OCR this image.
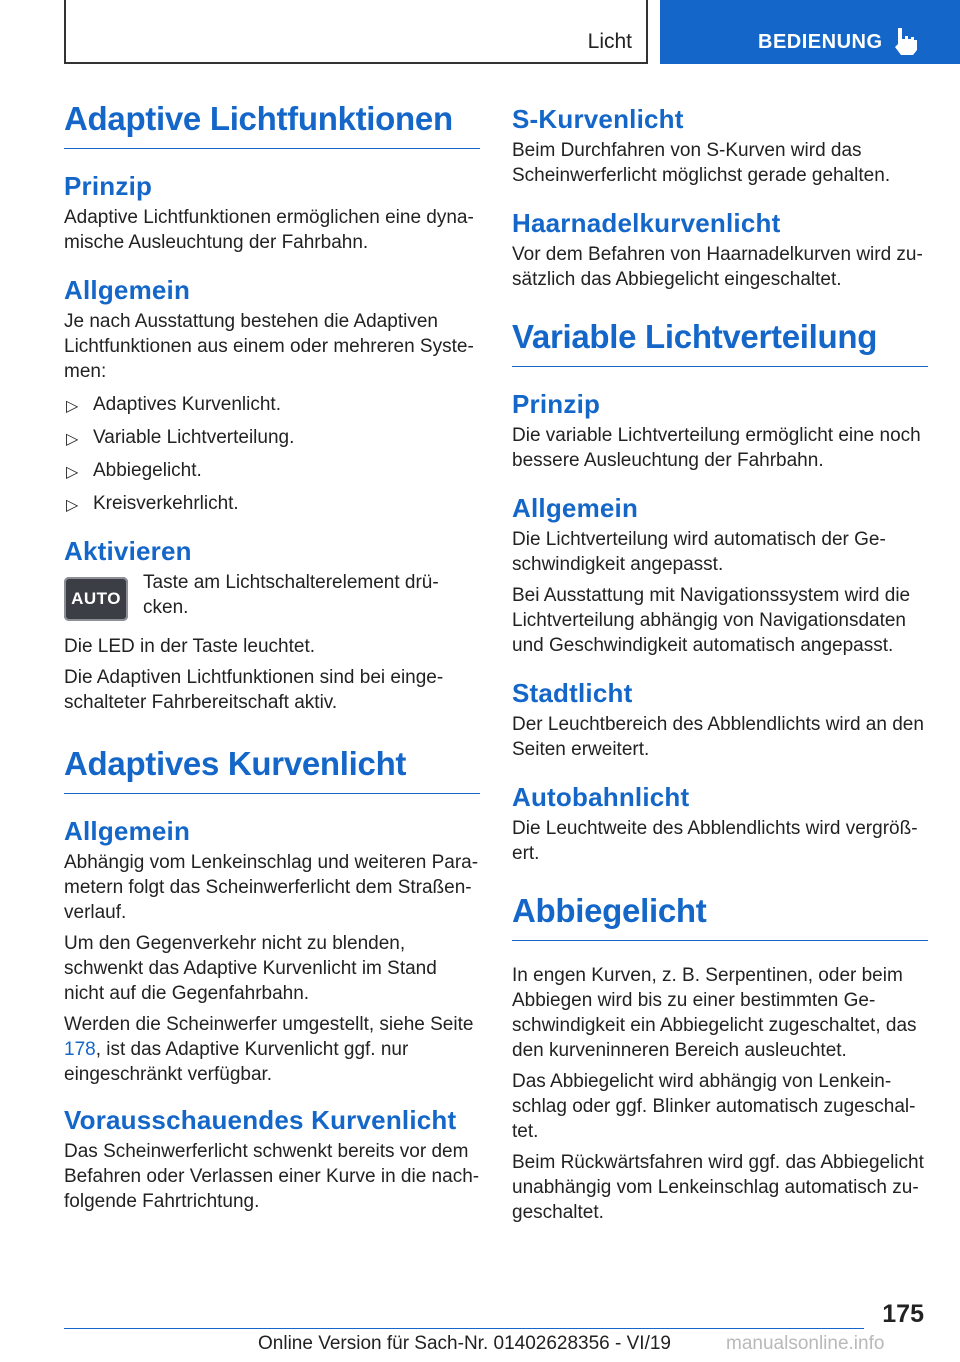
Licht	BEDIENUNG
Adaptive Lichtfunktionen
Prinzip

Adaptive Lichtfunktionen ermöglichen eine dyna-mische Ausleuchtung der Fahrbahn.

Allgemein

Je nach Ausstattung bestehen die Adaptiven Lichtfunktionen aus einem oder mehreren Syste-men:

▷ Adaptives Kurvenlicht.
▷ Variable Lichtverteilung.
▷ Abbiegelicht.
▷ Kreisverkehrlicht.
Aktivieren
AUTO

Taste am Lichtschalterelement drü-cken.

Die LED in der Taste leuchtet.

Die Adaptiven Lichtfunktionen sind bei einge-schalteter Fahrbereitschaft aktiv.

Adaptives Kurvenlicht
Allgemein

Abhängig vom Lenkeinschlag und weiteren Para-metern folgt das Scheinwerferlicht dem Straßen-verlauf.

Um den Gegenverkehr nicht zu blenden, schwenkt das Adaptive Kurvenlicht im Stand nicht auf die Gegenfahrbahn.

Werden die Scheinwerfer umgestellt, siehe Seite 178, ist das Adaptive Kurvenlicht ggf. nur eingeschränkt verfügbar.

Vorausschauendes Kurvenlicht

Das Scheinwerferlicht schwenkt bereits vor dem Befahren oder Verlassen einer Kurve in die nach-folgende Fahrtrichtung.

S-Kurvenlicht

Beim Durchfahren von S-Kurven wird das Scheinwerferlicht möglichst gerade gehalten.

Haarnadelkurvenlicht

Vor dem Befahren von Haarnadelkurven wird zu-sätzlich das Abbiegelicht eingeschaltet.

Variable Lichtverteilung
Prinzip

Die variable Lichtverteilung ermöglicht eine noch bessere Ausleuchtung der Fahrbahn.

Allgemein

Die Lichtverteilung wird automatisch der Ge-schwindigkeit angepasst.

Bei Ausstattung mit Navigationssystem wird die Lichtverteilung abhängig von Navigationsdaten und Geschwindigkeit automatisch angepasst.

Stadtlicht

Der Leuchtbereich des Abblendlichts wird an den Seiten erweitert.

Autobahnlicht

Die Leuchtweite des Abblendlichts wird vergröß-ert.

Abbiegelicht

In engen Kurven, z. B. Serpentinen, oder beim Abbiegen wird bis zu einer bestimmten Ge-schwindigkeit ein Abbiegelicht zugeschaltet, das den kurveninneren Bereich ausleuchtet.

Das Abbiegelicht wird abhängig von Lenkein-schlag oder ggf. Blinker automatisch zugeschal-tet.

Beim Rückwärtsfahren wird ggf. das Abbiegelicht unabhängig vom Lenkeinschlag automatisch zu-geschaltet.

175
Online Version für Sach-Nr. 01402628356 - VI/19	manualsonline.info
